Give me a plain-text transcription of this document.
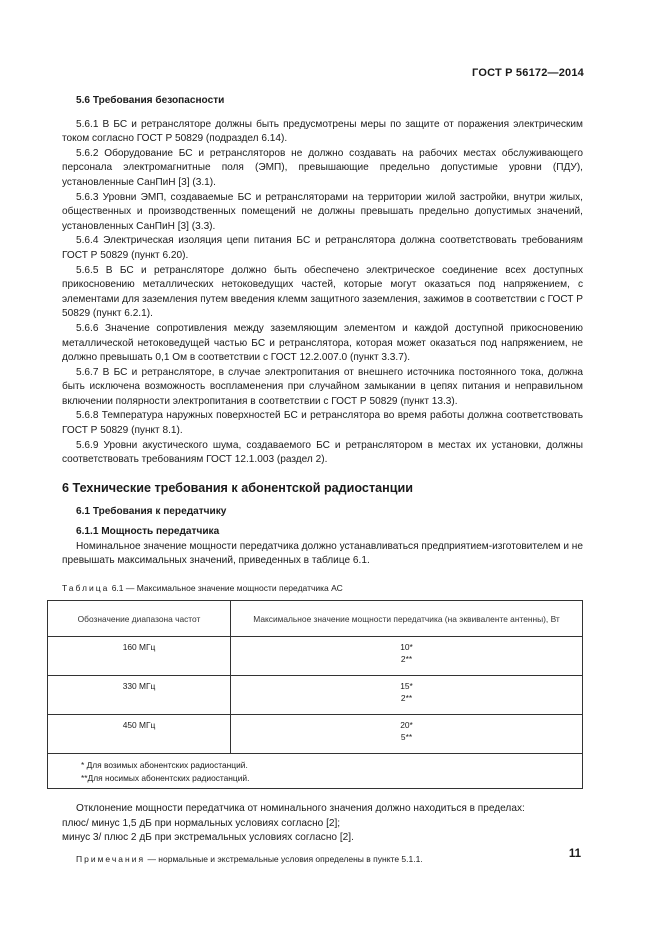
ГОСТ Р 56172—2014
5.6 Требования безопасности

5.6.1 В БС и ретрансляторе должны быть предусмотрены меры по защите от поражения электрическим током согласно ГОСТ Р 50829 (подраздел 6.14).

5.6.2 Оборудование БС и ретрансляторов не должно создавать на рабочих местах обслуживающего персонала электромагнитные поля (ЭМП), превышающие предельно допустимые уровни (ПДУ), установленные СанПиН [3] (3.1).

5.6.3 Уровни ЭМП, создаваемые БС и ретрансляторами на территории жилой застройки, внутри жилых, общественных и производственных помещений не должны превышать предельно допустимых значений, установленных СанПиН [3] (3.3).

5.6.4 Электрическая изоляция цепи питания БС и ретранслятора должна соответствовать требованиям ГОСТ Р 50829 (пункт 6.20).

5.6.5 В БС и ретрансляторе должно быть обеспечено электрическое соединение всех доступных прикосновению металлических нетоковедущих частей, которые могут оказаться под напряжением, с элементами для заземления путем введения клемм защитного заземления, зажимов в соответствии с ГОСТ Р 50829 (пункт 6.2.1).

5.6.6 Значение сопротивления между заземляющим элементом и каждой доступной прикосновению металлической нетоковедущей частью БС и ретранслятора, которая может оказаться под напряжением, не должно превышать 0,1 Ом в соответствии с ГОСТ 12.2.007.0 (пункт 3.3.7).

5.6.7 В БС и ретрансляторе, в случае электропитания от внешнего источника постоянного тока, должна быть исключена возможность воспламенения при случайном замыкании в цепях питания и неправильном включении полярности электропитания в соответствии с ГОСТ Р 50829 (пункт 13.3).

5.6.8 Температура наружных поверхностей БС и ретранслятора во время работы должна соответствовать ГОСТ Р 50829 (пункт 8.1).

5.6.9 Уровни акустического шума, создаваемого БС и ретранслятором в местах их установки, должны соответствовать требованиям ГОСТ 12.1.003 (раздел 2).

6 Технические требования к абонентской радиостанции
6.1 Требования к передатчику
6.1.1 Мощность передатчика

Номинальное значение мощности передатчика должно устанавливаться предприятием-изготовителем и не превышать максимальных значений, приведенных в таблице 6.1.

Таблица 6.1 — Максимальное значение мощности передатчика АС
Обозначение диапазона частот	Максимальное значение мощности передатчика (на эквиваленте антенны), Вт
160 МГц	10*
2**

330 МГц	15*
2**

450 МГц	20*
5**

* Для возимых абонентских радиостанций.
**Для носимых абонентских радиостанций.	

Отклонение мощности передатчика от номинального значения должно находиться в пределах:

плюс/ минус 1,5 дБ при нормальных условиях согласно [2];
минус 3/ плюс 2 дБ при экстремальных условиях согласно [2].
Примечания — нормальные и экстремальные условия определены в пункте 5.1.1.	11
